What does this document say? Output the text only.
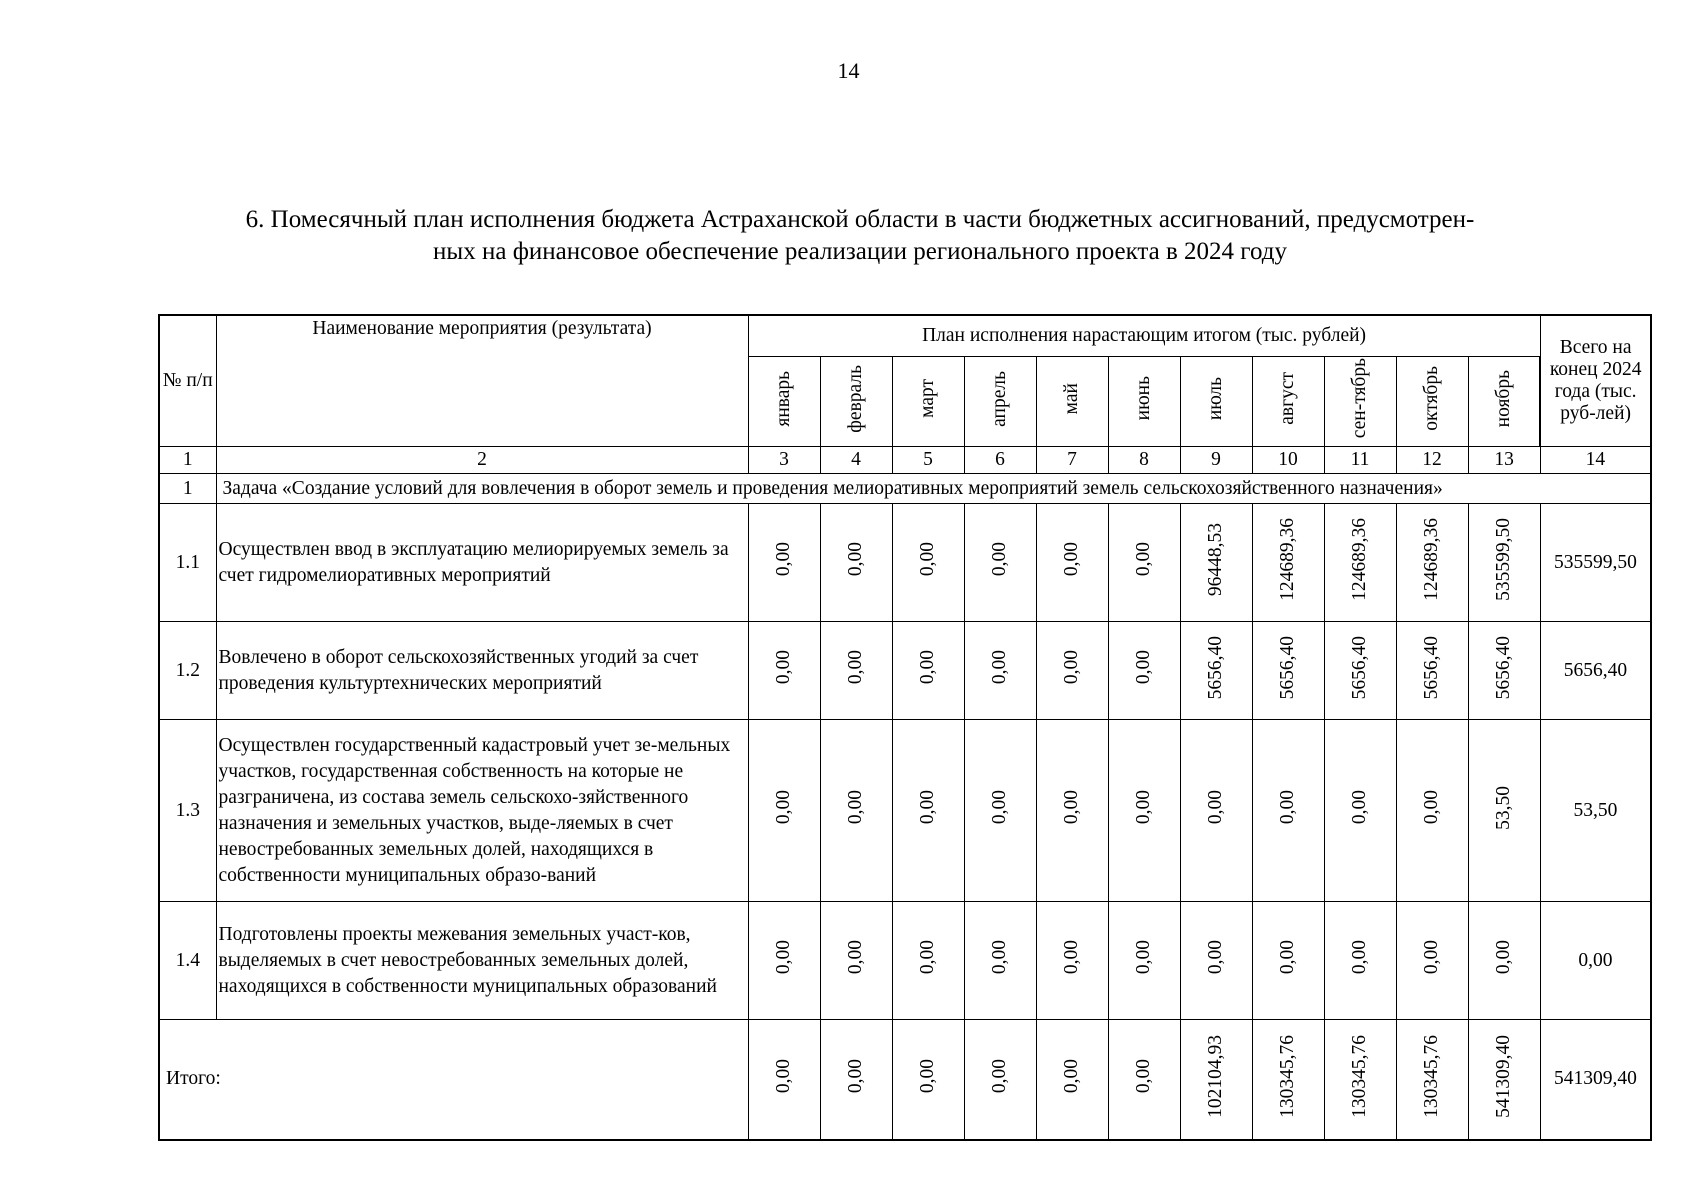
14
6. Помесячный план исполнения бюджета Астраханской области в части бюджетных ассигнований, предусмотрен-
ных на финансовое обеспечение реализации регионального проекта в 2024 году
№ п/п	Наименование мероприятия (результата)	План исполнения нарастающим итогом (тыс. рублей)											Всего на конец 2024 года (тыс. руб-лей)
		январь	февраль	март	апрель	май	июнь	июль	август	сен-тябрь	октябрь	ноябрь	
1	2	3	4	5	6	7	8	9	10	11	12	13	14
1	Задача «Создание условий для вовлечения в оборот земель и проведения мелиоративных мероприятий земель сельскохозяйственного назначения»												
1.1	Осуществлен ввод в эксплуатацию мелиорируемых земель за счет гидромелиоративных мероприятий	0,00	0,00	0,00	0,00	0,00	0,00	96448,53	124689,36	124689,36	124689,36	535599,50	535599,50
1.2	Вовлечено в оборот сельскохозяйственных угодий за счет проведения культуртехнических мероприятий	0,00	0,00	0,00	0,00	0,00	0,00	5656,40	5656,40	5656,40	5656,40	5656,40	5656,40
1.3	Осуществлен государственный кадастровый учет зе-мельных участков, государственная собственность на которые не разграничена, из состава земель сельскохо-зяйственного назначения и земельных участков, выде-ляемых в счет невостребованных земельных долей, находящихся в собственности муниципальных образо-ваний	0,00	0,00	0,00	0,00	0,00	0,00	0,00	0,00	0,00	0,00	53,50	53,50
1.4	Подготовлены проекты межевания земельных участ-ков, выделяемых в счет невостребованных земельных долей, находящихся в собственности муниципальных образований	0,00	0,00	0,00	0,00	0,00	0,00	0,00	0,00	0,00	0,00	0,00	0,00
Итого:		0,00	0,00	0,00	0,00	0,00	0,00	102104,93	130345,76	130345,76	130345,76	541309,40	541309,40
